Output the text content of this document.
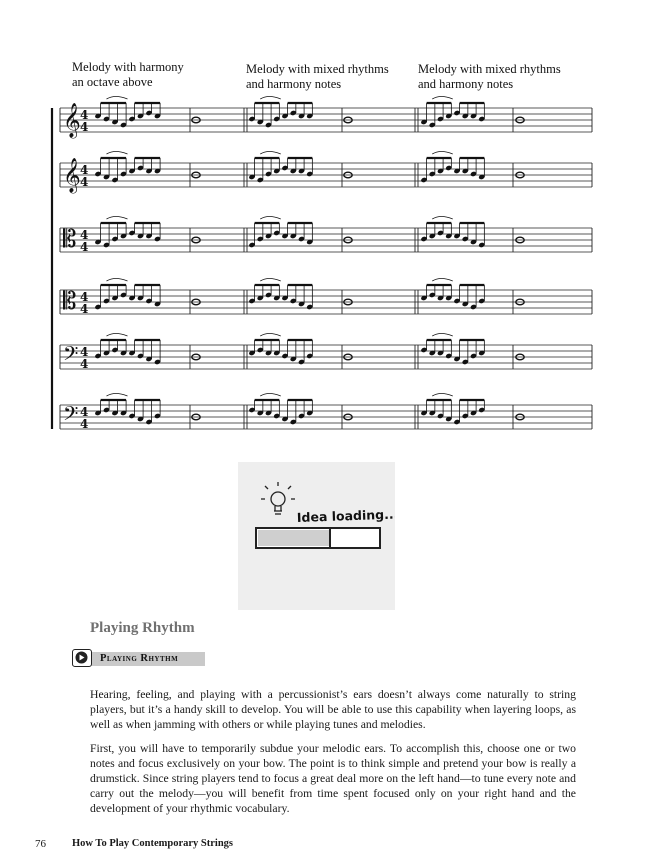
Melody with harmony
an octave above
Melody with mixed rhythms
and harmony notes
Melody with mixed rhythms
and harmony notes
𝄞 4
4
𝄞 4
4
𝄡 4
4
𝄡 4
4
𝄢 4
4
𝄢 4
4
Idea loading...
Playing Rhythm
Playing Rhythm

Hearing, feeling, and playing with a percussionist’s ears doesn’t always come naturally to string players, but it’s a handy skill to develop. You will be able to use this capability when layering loops, as well as when jamming with others or while playing tunes and melodies.

First, you will have to temporarily subdue your melodic ears. To accomplish this, choose one or two notes and focus exclusively on your bow. The point is to think simple and pretend your bow is really a drumstick. Since string players tend to focus a great deal more on the left hand—to tune every note and carry out the melody—you will benefit from time spent focused only on your right hand and the development of your rhythmic vocabulary.

76 How To Play Contemporary Strings
